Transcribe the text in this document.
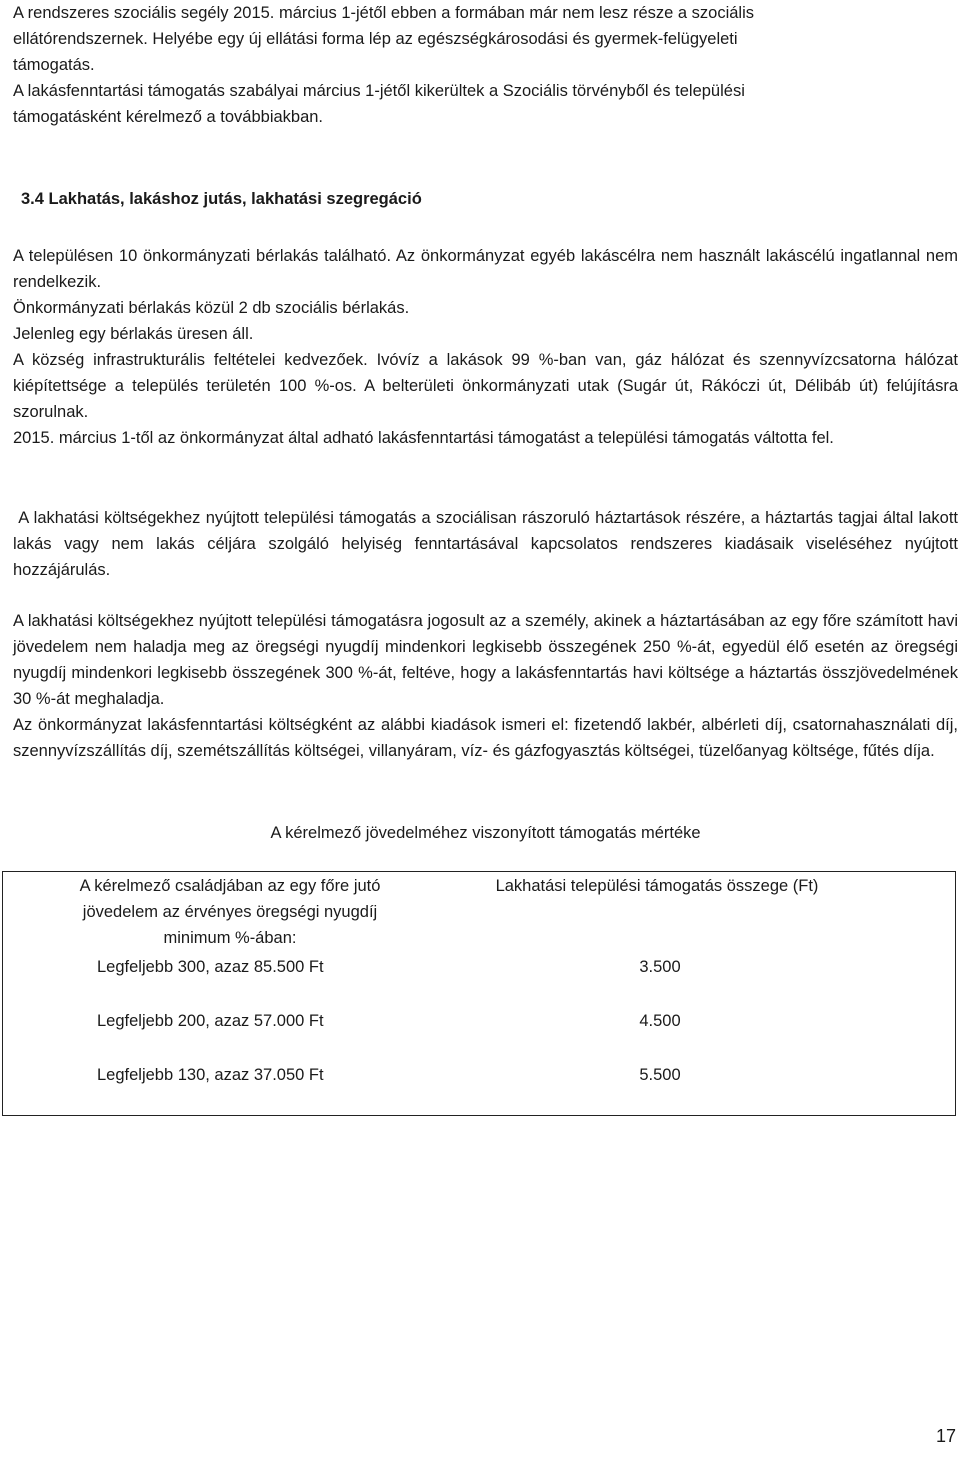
A rendszeres szociális segély 2015. március 1-jétől ebben a formában már nem lesz része a szociális
ellátórendszernek. Helyébe egy új ellátási forma lép az egészségkárosodási és gyermek-felügyeleti
támogatás.
A lakásfenntartási támogatás szabályai március 1-jétől kikerültek a Szociális törvényből és települési
támogatásként kérelmező a továbbiakban.
3.4 Lakhatás, lakáshoz jutás, lakhatási szegregáció

A településen 10 önkormányzati bérlakás található. Az önkormányzat egyéb lakáscélra nem használt lakáscélú ingatlannal nem rendelkezik.

Önkormányzati bérlakás közül 2 db szociális bérlakás.

Jelenleg egy bérlakás üresen áll.

A község infrastrukturális feltételei kedvezőek. Ivóvíz a lakások 99 %-ban van, gáz hálózat és szennyvízcsatorna hálózat kiépítettsége a település területén 100 %-os. A belterületi önkormányzati utak (Sugár út, Rákóczi út, Délibáb út) felújításra szorulnak.

2015. március 1-től az önkormányzat által adható lakásfenntartási támogatást a települési támogatás váltotta fel.

A lakhatási költségekhez nyújtott települési támogatás a szociálisan rászoruló háztartások részére, a háztartás tagjai által lakott lakás vagy nem lakás céljára szolgáló helyiség fenntartásával kapcsolatos rendszeres kiadásaik viseléséhez nyújtott hozzájárulás.

A lakhatási költségekhez nyújtott települési támogatásra jogosult az a személy, akinek a háztartásában az egy főre számított havi jövedelem nem haladja meg az öregségi nyugdíj mindenkori legkisebb összegének 250 %-át, egyedül élő esetén az öregségi nyugdíj mindenkori legkisebb összegének 300 %-át, feltéve, hogy a lakásfenntartás havi költsége a háztartás összjövedelmének 30 %-át meghaladja.

Az önkormányzat lakásfenntartási költségként az alábbi kiadások ismeri el: fizetendő lakbér, albérleti díj, csatornahasználati díj, szennyvízszállítás díj, szemétszállítás költségei, villanyáram, víz- és gázfogyasztás költségei, tüzelőanyag költsége, fűtés díja.

A kérelmező jövedelméhez viszonyított támogatás mértéke
A kérelmező családjában az egy főre jutó
jövedelem az érvényes öregségi nyugdíj
minimum %-ában:
Lakhatási települési támogatás összege (Ft)
Legfeljebb 300, azaz 85.500 Ft	3.500
Legfeljebb 200, azaz 57.000 Ft	4.500
Legfeljebb 130, azaz 37.050 Ft	5.500
17
